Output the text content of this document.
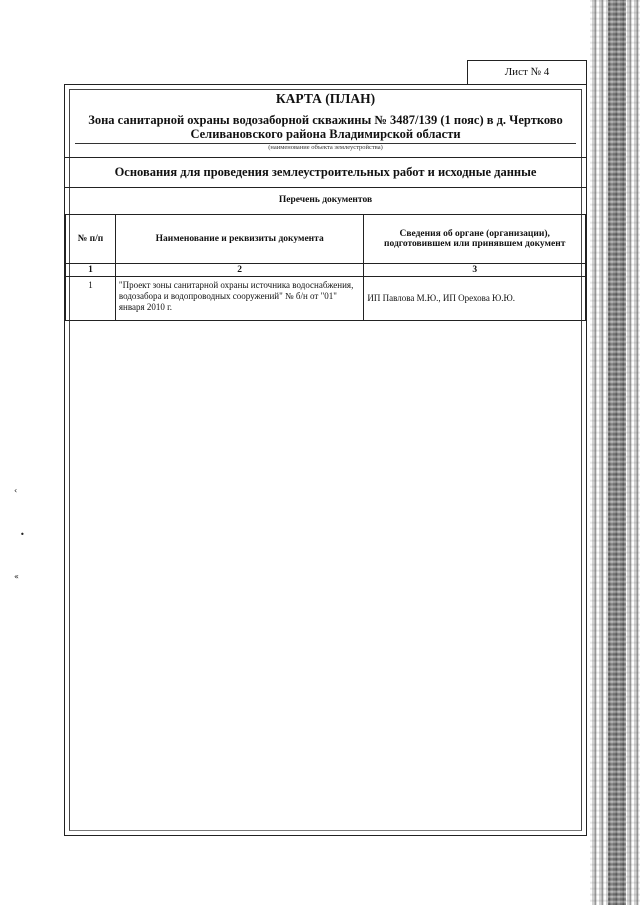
‹
•
«
Лист № 4
КАРТА (ПЛАН)
Зона санитарной охраны водозаборной скважины № 3487/139 (1 пояс) в д. Чертково Селивановского района Владимирской области
(наименование объекта землеустройства)
Основания для проведения землеустроительных работ и исходные данные
Перечень документов
№ п/п	Наименование и реквизиты документа	Сведения об органе (организации), подготовившем или принявшем документ
1	2	3
1	"Проект зоны санитарной охраны источника водоснабжения, водозабора и водопроводных сооружений" № б/н от "01" января 2010 г.	ИП Павлова М.Ю., ИП Орехова Ю.Ю.
